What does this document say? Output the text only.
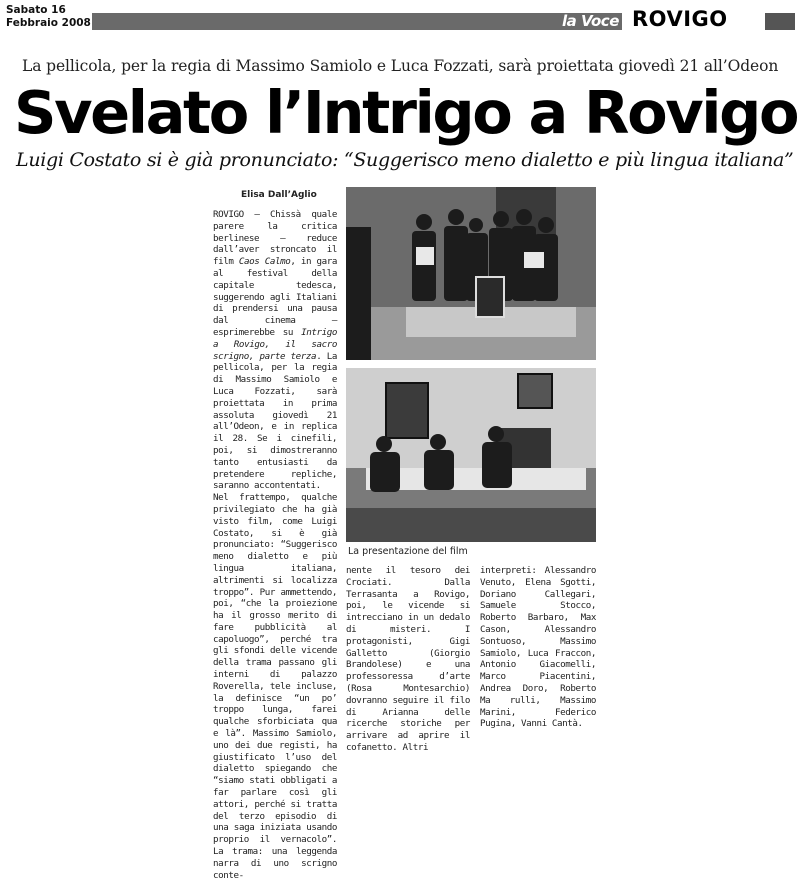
Sabato 16
Febbraio 2008	la Voce ROVIGO
La pellicola, per la regia di Massimo Samiolo e Luca Fozzati, sarà proiettata giovedì 21 all’Odeon
Svelato l’Intrigo a Rovigo
Luigi Costato si è già pronunciato: “Suggerisco meno dialetto e più lingua italiana”
Elisa Dall’Aglio

ROVIGO – Chissà quale parere la critica berlinese – reduce dall’aver stroncato il film Caos Calmo, in gara al festival della capitale tedesca, suggerendo agli Italiani di prendersi una pausa dal cinema – esprimerebbe su Intrigo a Rovigo, il sacro scrigno, parte terza. La pellicola, per la regia di Massimo Samiolo e Luca Fozzati, sarà proiettata in prima assoluta giovedì 21 all’Odeon, e in replica il 28. Se i cinefili, poi, si dimostreranno tanto entusiasti da pretendere repliche, saranno accontentati.

Nel frattempo, qualche privilegiato che ha già visto film, come Luigi Costato, si è già pronunciato: “Suggerisco meno dialetto e più lingua italiana, altrimenti si localizza troppo”. Pur ammettendo, poi, “che la proiezione ha il grosso merito di fare pubblicità al capoluogo”, perché tra gli sfondi delle vicende della trama passano gli interni di palazzo Roverella, tele incluse, la definisce “un po’ troppo lunga, farei qualche sforbiciata qua e là”. Massimo Samiolo, uno dei due registi, ha giustificato l’uso del dialetto spiegando che “siamo stati obbligati a far parlare così gli attori, perché si tratta del terzo episodio di una saga iniziata usando proprio il vernacolo”. La trama: una leggenda narra di uno scrigno conte-

La presentazione del film
nente il tesoro dei Crociati. Dalla Terrasanta a Rovigo, poi, le vicende si intrecciano in un dedalo di misteri. I protagonisti, Gigi Galletto (Giorgio Brandolese) e una professoressa d’arte (Rosa Montesarchio) dovranno seguire il filo di Arianna delle ricerche storiche per arrivare ad aprire il cofanetto. Altri
interpreti: Alessandro Venuto, Elena Sgotti, Doriano Callegari, Samuele Stocco, Roberto Barbaro, Max Cason, Alessandro Sontuoso, Massimo Samiolo, Luca Fraccon, Antonio Giacomelli, Marco Piacentini, Andrea Doro, Roberto Ma rulli, Massimo Marini, Federico Pugina, Vanni Cantà.
